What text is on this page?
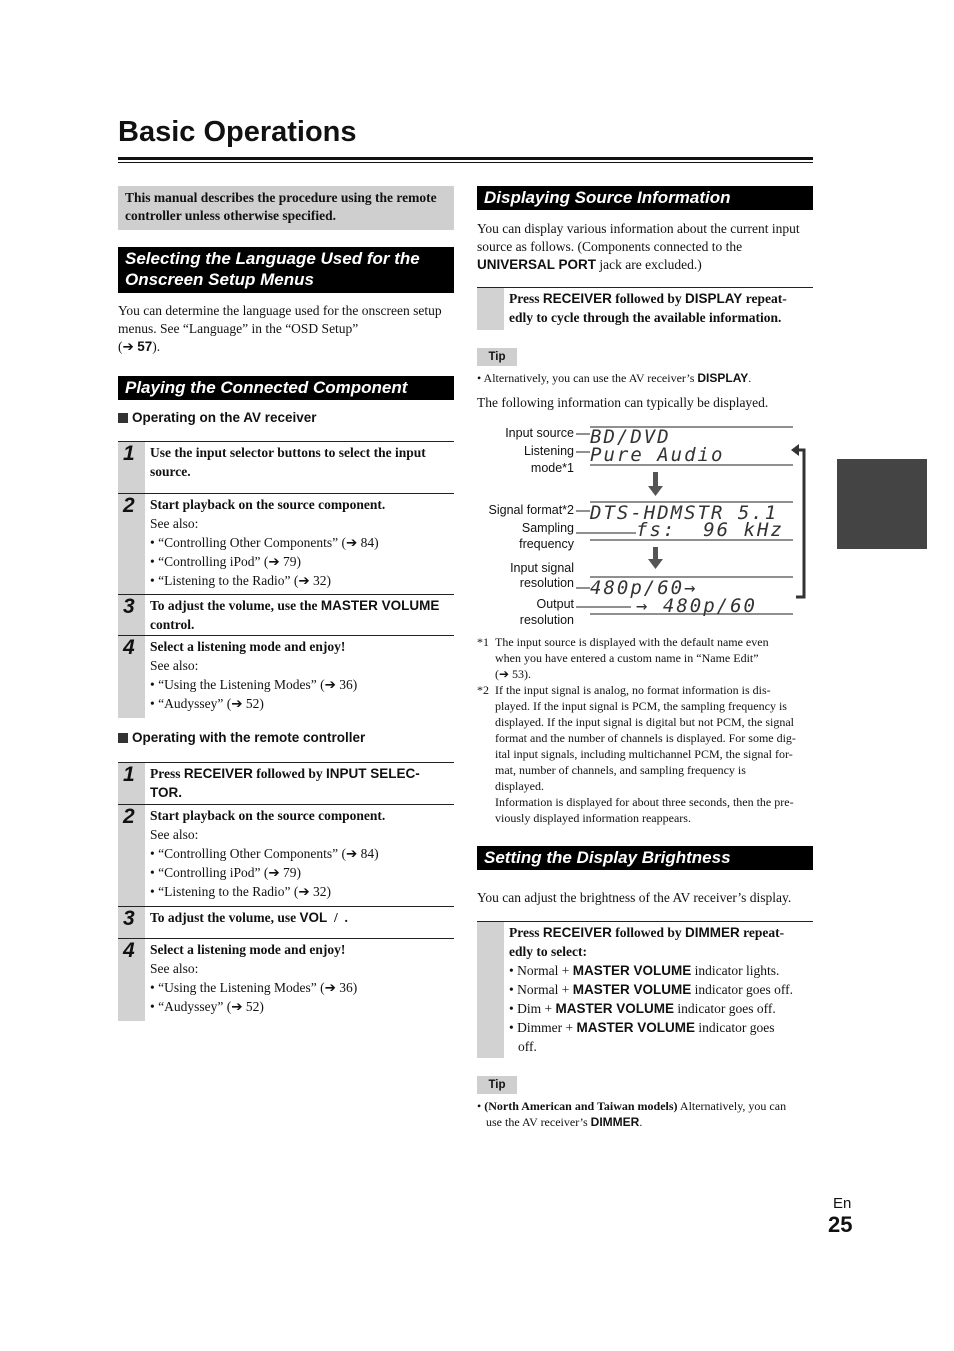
Basic Operations
This manual describes the procedure using the remote controller unless otherwise specified.
Selecting the Language Used for the Onscreen Setup Menus
You can determine the language used for the onscreen setup menus. See “Language” in the “OSD Setup”
(➔ 57).
Playing the Connected Component
Operating on the AV receiver
1 Use the input selector buttons to select the input source.
2 Start playback on the source component.
See also:
• “Controlling Other Components” (➔ 84)
• “Controlling iPod” (➔ 79)
• “Listening to the Radio” (➔ 32)
3 To adjust the volume, use the MASTER VOLUME control.
4 Select a listening mode and enjoy!
See also:
• “Using the Listening Modes” (➔ 36)
• “Audyssey” (➔ 52)
Operating with the remote controller
1 Press RECEIVER followed by INPUT SELEC-
TOR.
2 Start playback on the source component.
See also:
• “Controlling Other Components” (➔ 84)
• “Controlling iPod” (➔ 79)
• “Listening to the Radio” (➔ 32)
3 To adjust the volume, use VOL  /  .
4 Select a listening mode and enjoy!
See also:
• “Using the Listening Modes” (➔ 36)
• “Audyssey” (➔ 52)
Displaying Source Information
You can display various information about the current input source as follows. (Components connected to the UNIVERSAL PORT jack are excluded.)
Press RECEIVER followed by DISPLAY repeat-
edly to cycle through the available information.
Tip
• Alternatively, you can use the AV receiver’s DISPLAY.
The following information can typically be displayed.
Input source
Listening
mode*1
Signal format*2
Sampling
frequency
Input signal
resolution
Output
resolution
BD/DVD
Pure Audio
DTS-HDMSTR 5.1
fs:  96 kHz
480p/60→
→ 480p/60
*1 The input source is displayed with the default name even
when you have entered a custom name in “Name Edit”
(➔ 53).
*2 If the input signal is analog, no format information is dis-
played. If the input signal is PCM, the sampling frequency is
displayed. If the input signal is digital but not PCM, the signal
format and the number of channels is displayed. For some dig-
ital input signals, including multichannel PCM, the signal for-
mat, number of channels, and sampling frequency is
displayed.
Information is displayed for about three seconds, then the pre-
viously displayed information reappears.
Setting the Display Brightness
You can adjust the brightness of the AV receiver’s display.
Press RECEIVER followed by DIMMER repeat-
edly to select:
• Normal + MASTER VOLUME indicator lights.
• Normal + MASTER VOLUME indicator goes off.
• Dim + MASTER VOLUME indicator goes off.
• Dimmer + MASTER VOLUME indicator goes
off.
Tip
• (North American and Taiwan models) Alternatively, you can
use the AV receiver’s DIMMER.
En
25
